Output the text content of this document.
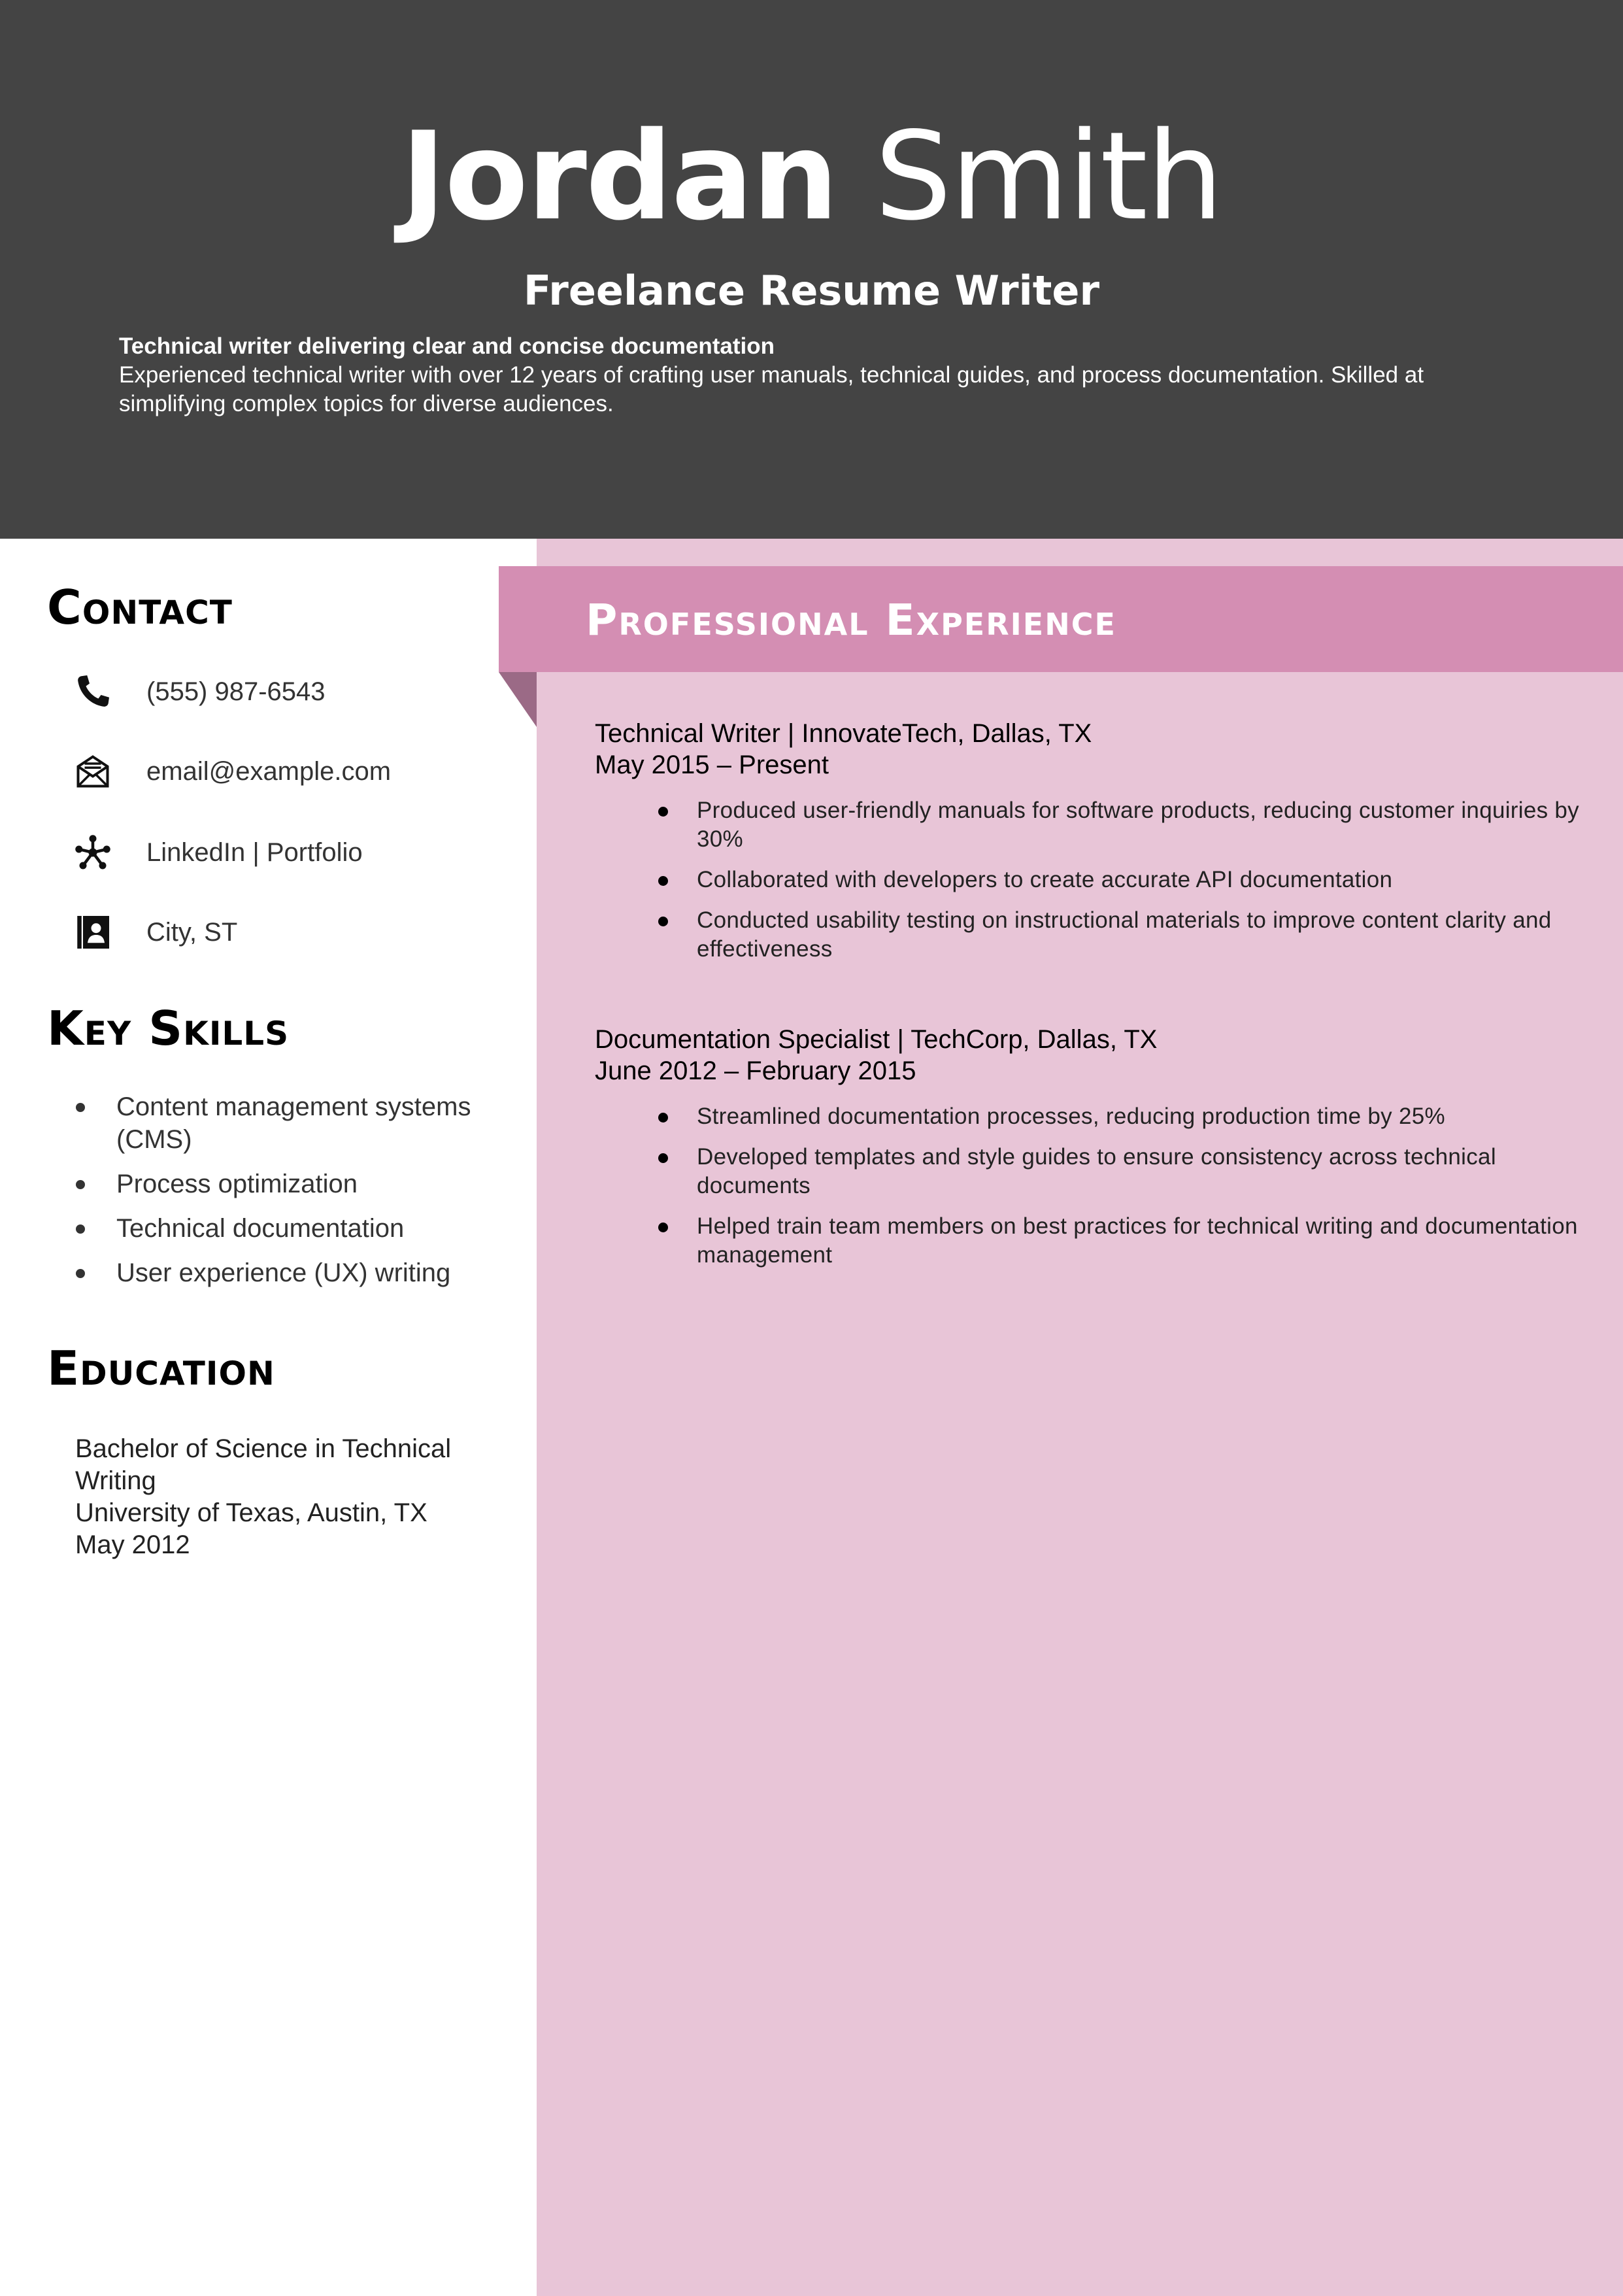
Jordan Smith
Freelance Resume Writer
Technical writer delivering clear and concise documentation
Experienced technical writer with over 12 years of crafting user manuals, technical guides, and process documentation. Skilled at simplifying complex topics for diverse audiences.
Professional Experience
Contact
(555) 987-6543
email@example.com
LinkedIn | Portfolio
City, ST
Key Skills
Content management systems (CMS)
Process optimization
Technical documentation
User experience (UX) writing
Education
Bachelor of Science in Technical Writing
University of Texas, Austin, TX
May 2012
Technical Writer | InnovateTech, Dallas, TX
May 2015 – Present
Produced user-friendly manuals for software products, reducing customer inquiries by 30%
Collaborated with developers to create accurate API documentation
Conducted usability testing on instructional materials to improve content clarity and effectiveness
Documentation Specialist | TechCorp, Dallas, TX
June 2012 – February 2015
Streamlined documentation processes, reducing production time by 25%
Developed templates and style guides to ensure consistency across technical documents
Helped train team members on best practices for technical writing and documentation management
